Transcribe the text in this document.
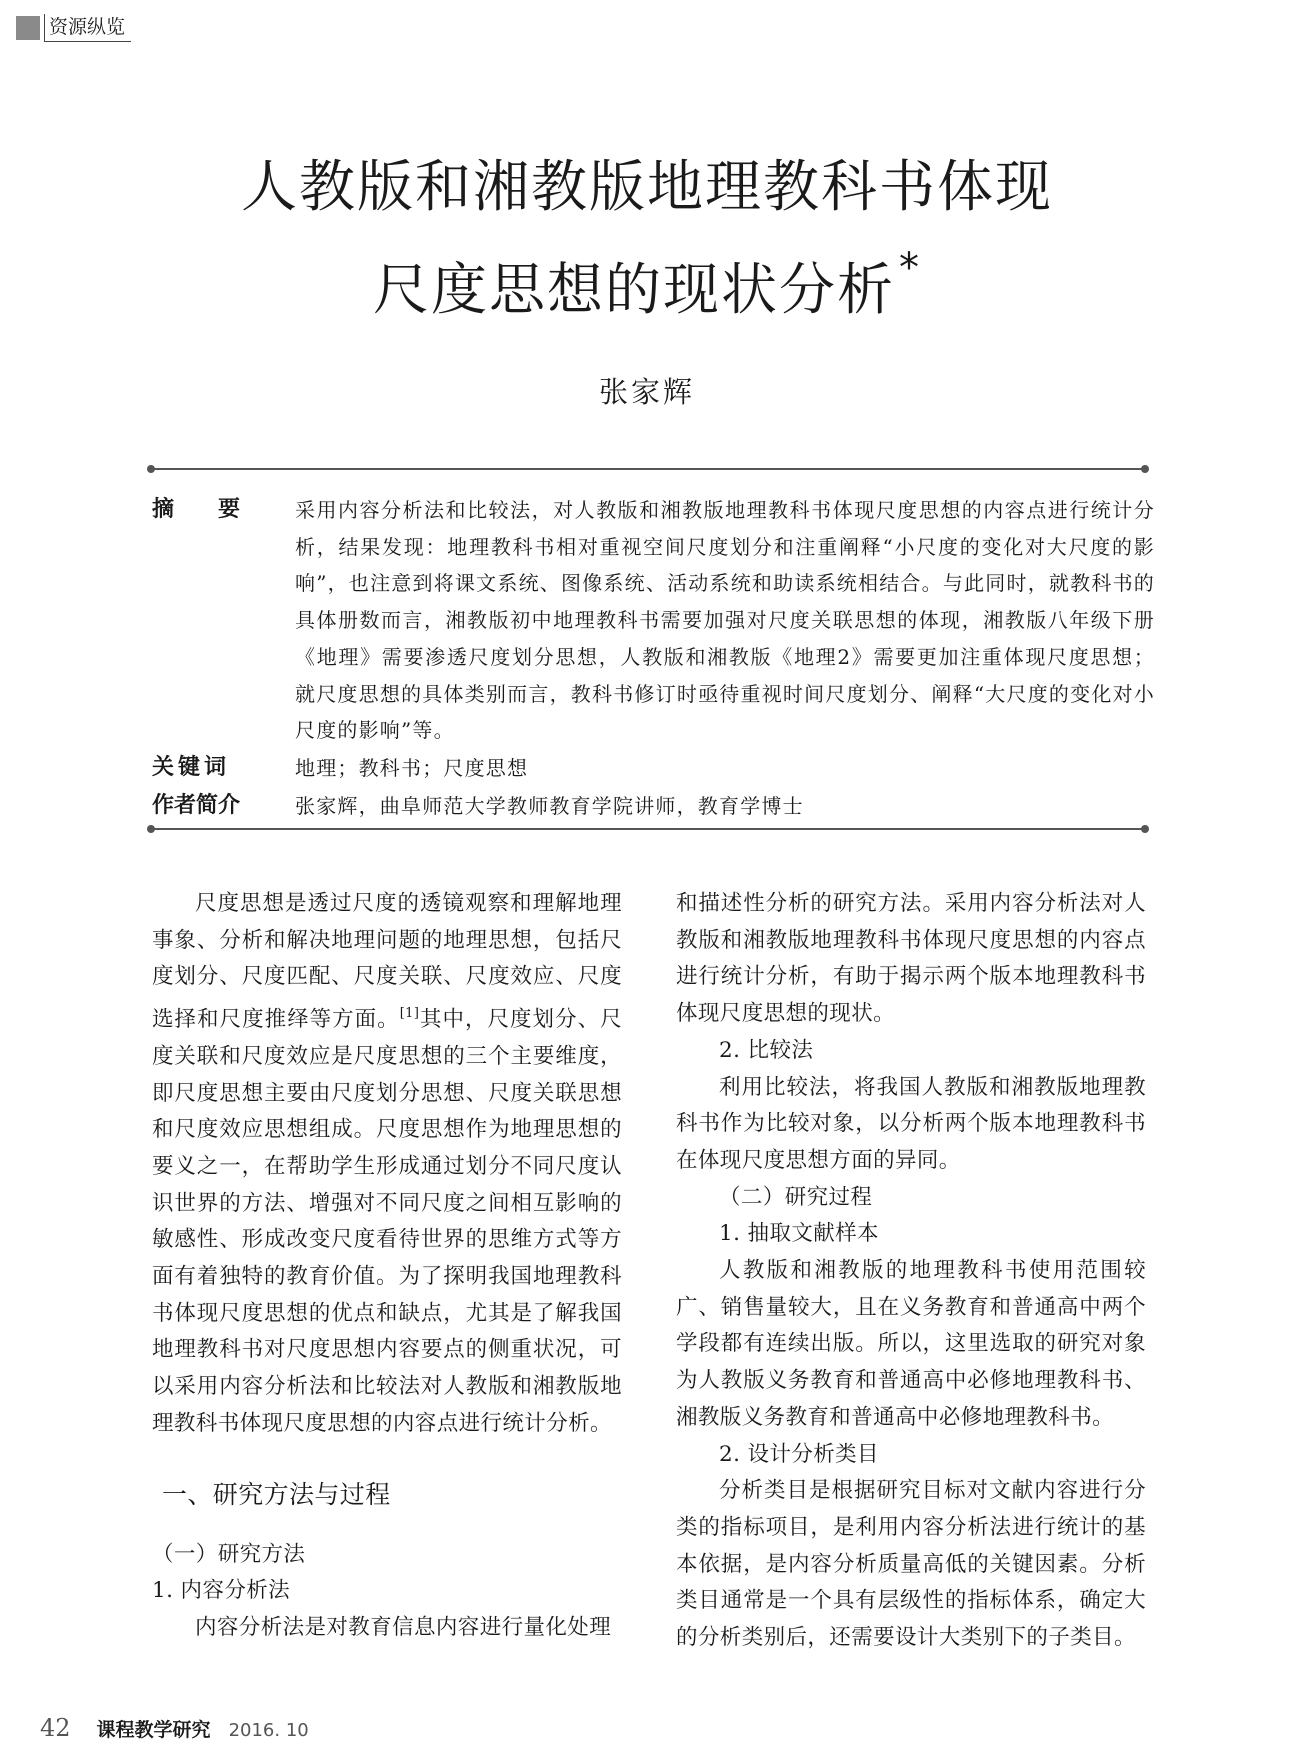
资源纵览
人教版和湘教版地理教科书体现
尺度思想的现状分析 *
张家辉
摘 要	采用内容分析法和比较法，对人教版和湘教版地理教科书体现尺度思想的内容点进行统计分析，结果发现：地理教科书相对重视空间尺度划分和注重阐释“小尺度的变化对大尺度的影响”，也注意到将课文系统、图像系统、活动系统和助读系统相结合。与此同时，就教科书的具体册数而言，湘教版初中地理教科书需要加强对尺度关联思想的体现，湘教版八年级下册《地理》需要渗透尺度划分思想，人教版和湘教版《地理2》需要更加注重体现尺度思想；就尺度思想的具体类别而言，教科书修订时亟待重视时间尺度划分、阐释“大尺度的变化对小尺度的影响”等。
关键词	地理；教科书；尺度思想
作者简介	张家辉，曲阜师范大学教师教育学院讲师，教育学博士

尺度思想是透过尺度的透镜观察和理解地理事象、分析和解决地理问题的地理思想，包括尺度划分、尺度匹配、尺度关联、尺度效应、尺度选择和尺度推绎等方面。[1]其中，尺度划分、尺度关联和尺度效应是尺度思想的三个主要维度，即尺度思想主要由尺度划分思想、尺度关联思想和尺度效应思想组成。尺度思想作为地理思想的要义之一，在帮助学生形成通过划分不同尺度认识世界的方法、增强对不同尺度之间相互影响的敏感性、形成改变尺度看待世界的思维方式等方面有着独特的教育价值。为了探明我国地理教科书体现尺度思想的优点和缺点，尤其是了解我国地理教科书对尺度思想内容要点的侧重状况，可以采用内容分析法和比较法对人教版和湘教版地理教科书体现尺度思想的内容点进行统计分析。

一、研究方法与过程
（一）研究方法
1. 内容分析法

内容分析法是对教育信息内容进行量化处理

和描述性分析的研究方法。采用内容分析法对人教版和湘教版地理教科书体现尺度思想的内容点进行统计分析，有助于揭示两个版本地理教科书体现尺度思想的现状。

2. 比较法

利用比较法，将我国人教版和湘教版地理教科书作为比较对象，以分析两个版本地理教科书在体现尺度思想方面的异同。

（二）研究过程

1. 抽取文献样本

人教版和湘教版的地理教科书使用范围较广、销售量较大，且在义务教育和普通高中两个学段都有连续出版。所以，这里选取的研究对象为人教版义务教育和普通高中必修地理教科书、湘教版义务教育和普通高中必修地理教科书。

2. 设计分析类目

分析类目是根据研究目标对文献内容进行分类的指标项目，是利用内容分析法进行统计的基本依据，是内容分析质量高低的关键因素。分析类目通常是一个具有层级性的指标体系，确定大的分析类别后，还需要设计大类别下的子类目。

42 课程教学研究 2016. 10
